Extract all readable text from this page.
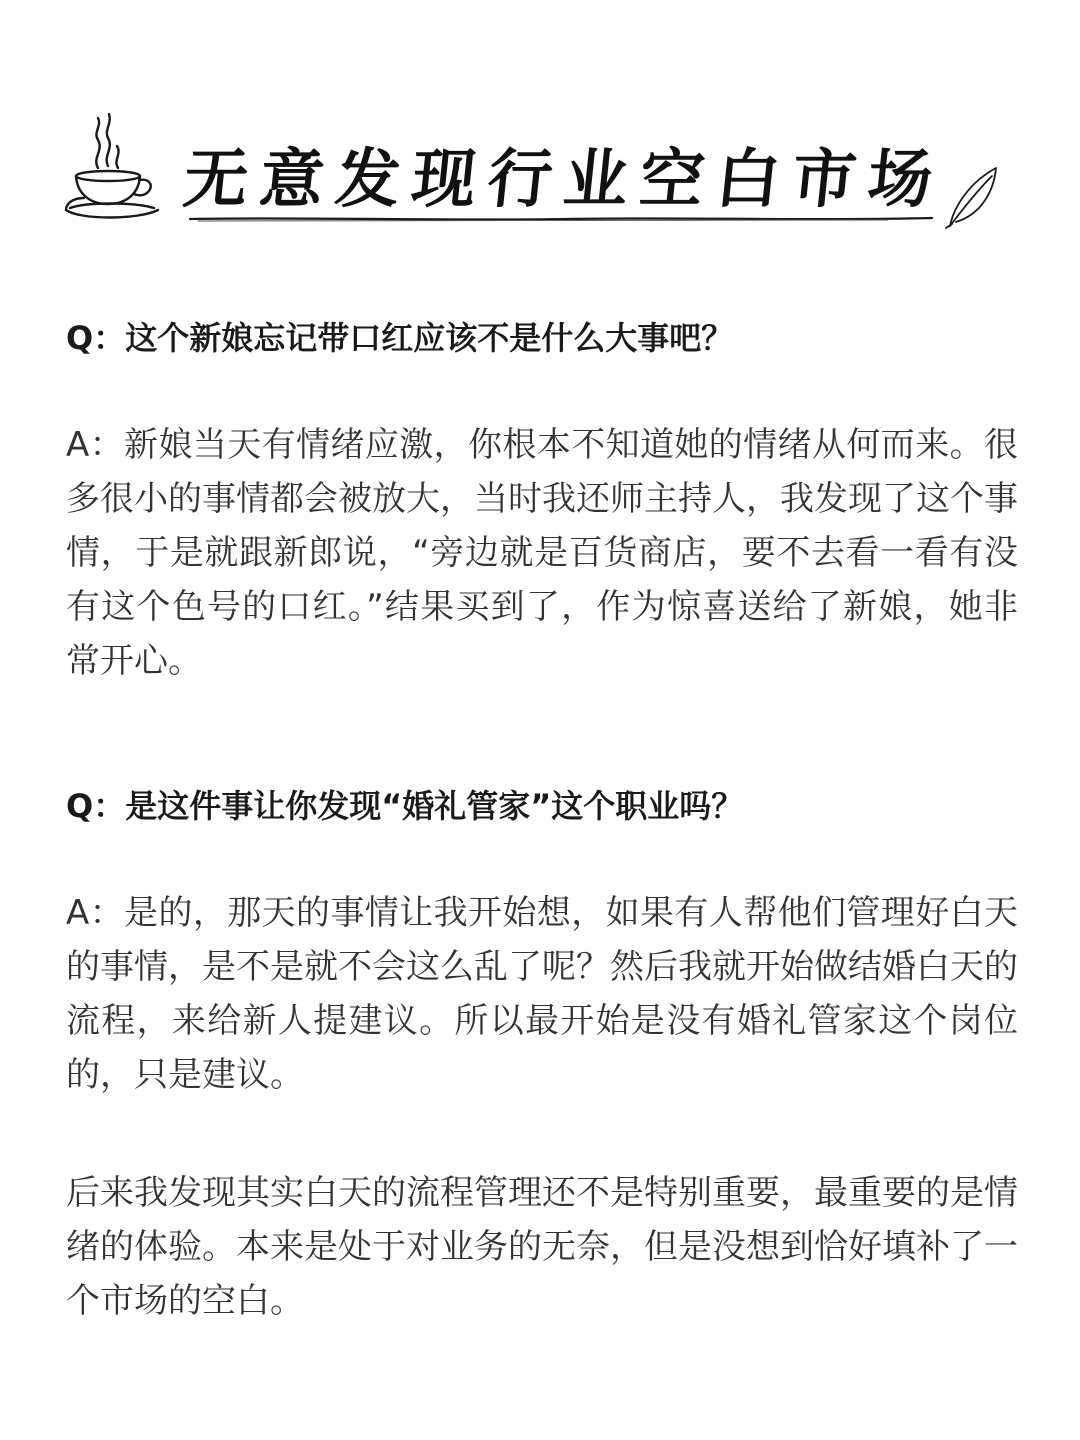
无意发现行业空白市场
Q：这个新娘忘记带口红应该不是什么大事吧？
A：新娘当天有情绪应激，你根本不知道她的情绪从何而来。很多很小的事情都会被放大，当时我还师主持人，我发现了这个事情，于是就跟新郎说，“旁边就是百货商店，要不去看一看有没有这个色号的口红。”结果买到了，作为惊喜送给了新娘，她非常开心。
Q：是这件事让你发现“婚礼管家”这个职业吗？
A：是的，那天的事情让我开始想，如果有人帮他们管理好白天的事情，是不是就不会这么乱了呢？然后我就开始做结婚白天的流程，来给新人提建议。所以最开始是没有婚礼管家这个岗位的，只是建议。
后来我发现其实白天的流程管理还不是特别重要，最重要的是情绪的体验。本来是处于对业务的无奈，但是没想到恰好填补了一个市场的空白。
